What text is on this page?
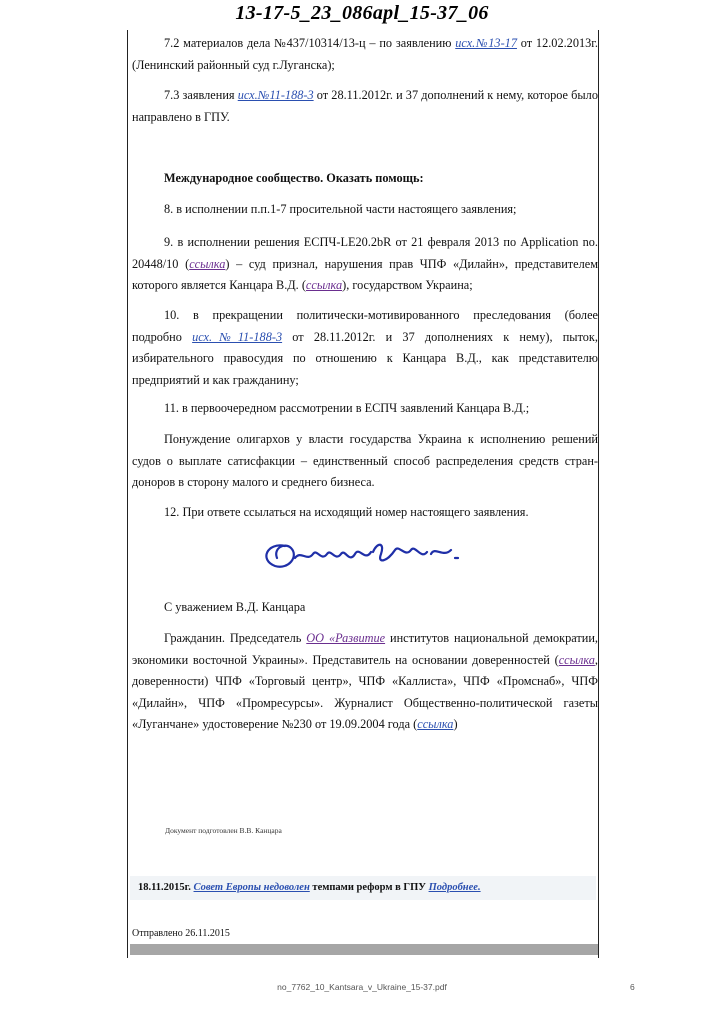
13-17-5_23_086apl_15-37_06

7.2 материалов дела №437/10314/13-ц – по заявлению исх.№13-17 от 12.02.2013г. (Ленинский районный суд г.Луганска);

7.3 заявления исх.№11-188-3 от 28.11.2012г. и 37 дополнений к нему, которое было направлено в ГПУ.

Международное сообщество. Оказать помощь:

8. в исполнении п.п.1-7 просительной части настоящего заявления;

9. в исполнении решения ЕСПЧ-LE20.2bR от 21 февраля 2013 по Application no. 20448/10 (ссылка) – суд признал, нарушения прав ЧПФ «Дилайн», представителем которого является Канцара В.Д. (ссылка), государством Украина;

10. в прекращении политически-мотивированного преследования (более подробно исх.№11-188-3 от 28.11.2012г. и 37 дополнениях к нему), пыток, избирательного правосудия по отношению к Канцара В.Д., как представителю предприятий и как гражданину;

11. в первоочередном рассмотрении в ЕСПЧ заявлений Канцара В.Д.;

Понуждение олигархов у власти государства Украина к исполнению решений судов о выплате сатисфакции – единственный способ распределения средств стран-доноров в сторону малого и среднего бизнеса.

12. При ответе ссылаться на исходящий номер настоящего заявления.

С уважением В.Д. Канцара

Гражданин. Председатель ОО «Развитие институтов национальной демократии, экономики восточной Украины». Представитель на основании доверенностей (ссылка, доверенности) ЧПФ «Торговый центр», ЧПФ «Каллиста», ЧПФ «Промснаб», ЧПФ «Дилайн», ЧПФ «Промресурсы». Журналист Общественно-политической газеты «Луганчане» удостоверение №230 от 19.09.2004 года (ссылка)

Документ подготовлен В.В. Канцара
18.11.2015г. Совет Европы недоволен темпами реформ в ГПУ Подробнее.
Отправлено 26.11.2015
no_7762_10_Kantsara_v_Ukraine_15-37.pdf	6
